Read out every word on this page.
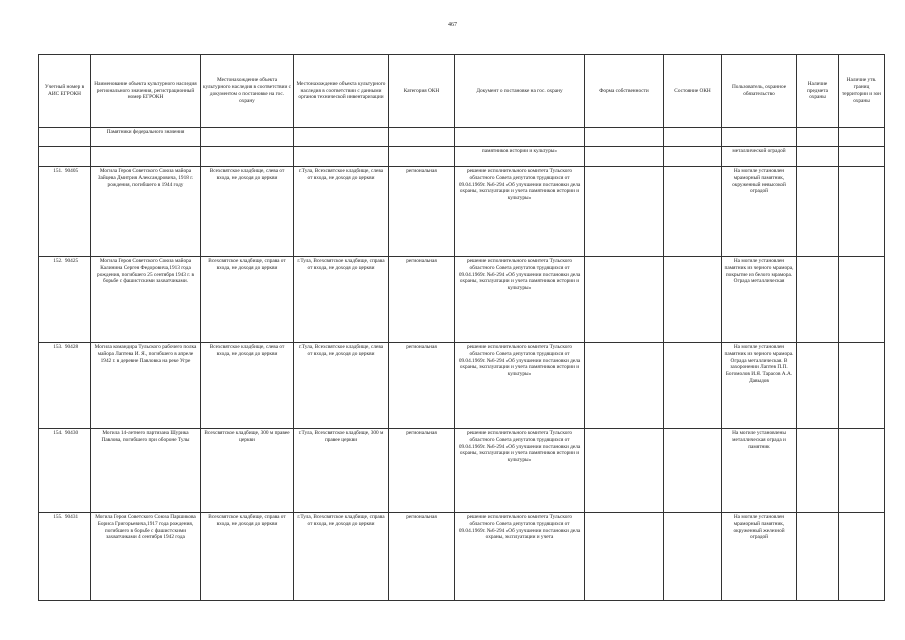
467
Учетный номер в АИС ЕГРОКН	Наименование объекта культурного наследия регионального значения, регистрационный номер ЕГРОКН	Местонахождение объекта культурного наследия в соответствии с документом о постановке на гос. охрану	Местонахождение объекта культурного наследия в соответствии с данными органов технической инвентаризации	Категория ОКН	Документ о постановке на гос. охрану	Форма собственности	Состояние ОКН	Пользователь, охранное обязательство	Наличие предмета охраны	Наличие утв. границ территории и зон охраны
	Памятники федерального значения									
					памятников истории и культуры»			металлической оградой		
151. 90405	Могила Героя Советского Союза майора Зайцева Дмитрия Александровича, 1918 г. рождения, погибшего в 1944 году	Всехсвятское кладбище, слева от входа, не доходя до церкви	г.Тула, Всехсвятское кладбище, слева от входа, не доходя до церкви	региональная	решение исполнительного комитета Тульского областного Совета депутатов трудящихся от 09.04.1969г. №6-294 «Об улучшении постановки дела охраны, эксплуатации и учета памятников истории и культуры»			На могиле установлен мраморный памятник, окруженный невысокой оградой		
152. 90425	Могила Героя Советского Союза майора Калинина Сергея Федоровича,1913 года рождения, погибшего 25 сентября 1943 г. в борьбе с фашистскими захватчиками.	Всехсвятское кладбище, справа от входа, не доходя до церкви	г.Тула, Всехсвятское кладбище, справа от входа, не доходя до церкви	региональная	решение исполнительного комитета Тульского областного Совета депутатов трудящихся от 09.04.1969г. №6-294 «Об улучшении постановки дела охраны, эксплуатации и учета памятников истории и культуры»			На могиле установлен памятник из черного мрамора, покрытие из белого мрамора. Ограда металлическая		
153. 90428	Могила командира Тульского рабочего полка майора Лаптева И. Я., погибшего в апреле 1942 г. в деревне Павловка на реке Угре	Всехсвятское кладбище, слева от входа, не доходя до церкви	г.Тула, Всехсвятское кладбище, слева от входа, не доходя до церкви	региональная	решение исполнительного комитета Тульского областного Совета депутатов трудящихся от 09.04.1969г. №6-294 «Об улучшении постановки дела охраны, эксплуатации и учета памятников истории и культуры»			На могиле установлен памятник из черного мрамора. Ограда металлическая. В захоронении Лаптев П.П. Богомолов И.Я. Тарасов А.А. Давыдов		
154. 90430	Могила 14-летнего партизана Шурика Павлова, погибшего при обороне Тулы	Всехсвятское кладбище, 300 м правее церкви	г.Тула, Всехсвятское кладбище, 300 м правее церкви	региональная	решение исполнительного комитета Тульского областного Совета депутатов трудящихся от 09.04.1969г. №6-294 «Об улучшении постановки дела охраны, эксплуатации и учета памятников истории и культуры»			На могиле установлены металлическая ограда и памятник		
155. 90431	Могила Героя Советского Союза Паршикова Бориса Григорьевича,1917 года рождения, погибшего в борьбе с фашистскими захватчиками 4 сентября 1942 года	Всехсвятское кладбище, справа от входа, не доходя до церкви	г.Тула, Всехсвятское кладбище, справа от входа, не доходя до церкви	региональная	решение исполнительного комитета Тульского областного Совета депутатов трудящихся от 09.04.1969г. №6-294 «Об улучшении постановки дела охраны, эксплуатации и учета			На могиле установлен мраморный памятник, окруженный железной оградой		
